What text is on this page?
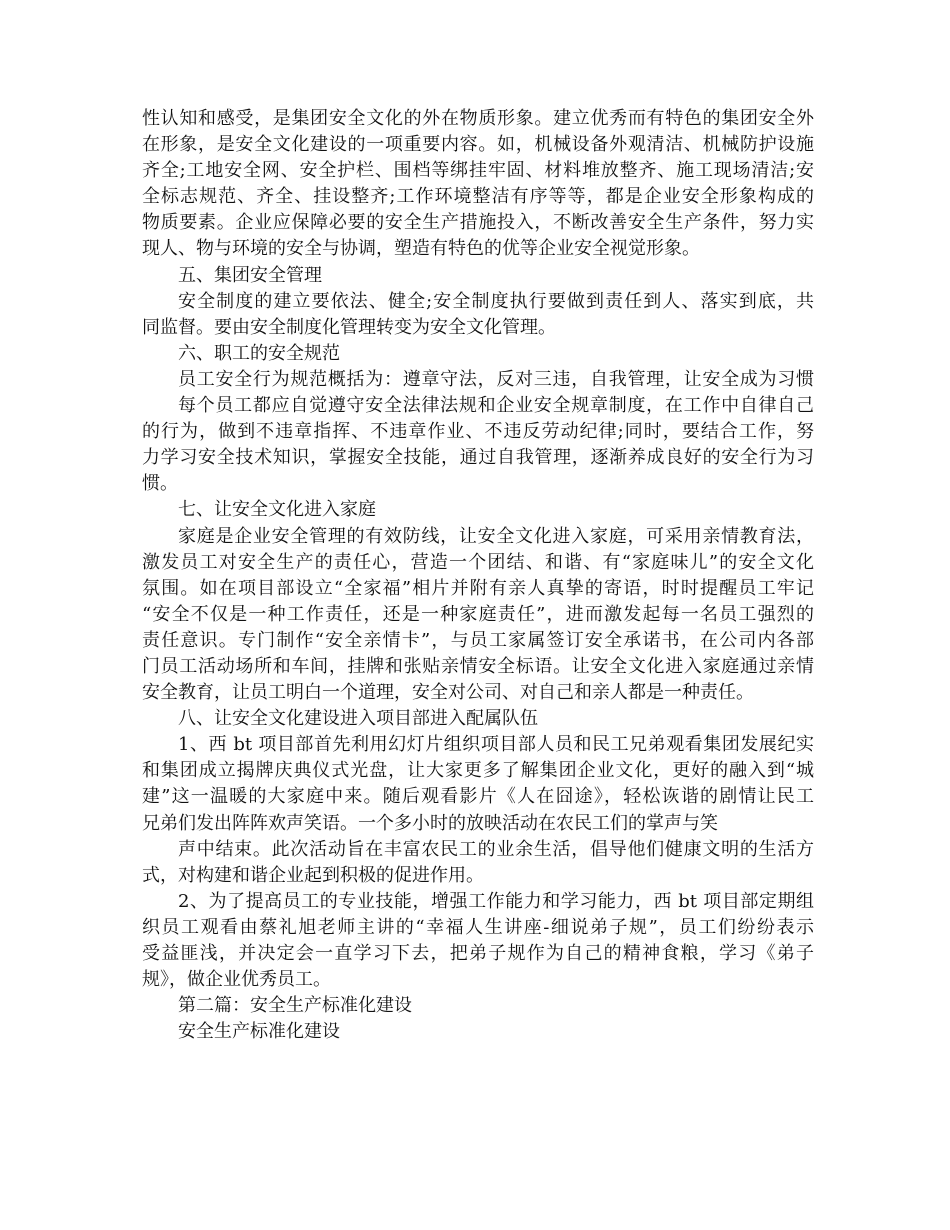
性认知和感受，是集团安全文化的外在物质形象。建立优秀而有特色的集团安全外
在形象，是安全文化建设的一项重要内容。如，机械设备外观清洁、机械防护设施
齐全;工地安全网、安全护栏、围档等绑挂牢固、材料堆放整齐、施工现场清洁;安
全标志规范、齐全、挂设整齐;工作环境整洁有序等等，都是企业安全形象构成的
物质要素。企业应保障必要的安全生产措施投入，不断改善安全生产条件，努力实
现人、物与环境的安全与协调，塑造有特色的优等企业安全视觉形象。
五、集团安全管理
安全制度的建立要依法、健全;安全制度执行要做到责任到人、落实到底，共
同监督。要由安全制度化管理转变为安全文化管理。
六、职工的安全规范
员工安全行为规范概括为：遵章守法，反对三违，自我管理，让安全成为习惯
每个员工都应自觉遵守安全法律法规和企业安全规章制度，在工作中自律自己
的行为，做到不违章指挥、不违章作业、不违反劳动纪律;同时，要结合工作，努
力学习安全技术知识，掌握安全技能，通过自我管理，逐渐养成良好的安全行为习
惯。
七、让安全文化进入家庭
家庭是企业安全管理的有效防线，让安全文化进入家庭，可采用亲情教育法，
激发员工对安全生产的责任心，营造一个团结、和谐、有“家庭味儿”的安全文化
氛围。如在项目部设立“全家福”相片并附有亲人真挚的寄语，时时提醒员工牢记
“安全不仅是一种工作责任，还是一种家庭责任”，进而激发起每一名员工强烈的
责任意识。专门制作“安全亲情卡”，与员工家属签订安全承诺书，在公司内各部
门员工活动场所和车间，挂牌和张贴亲情安全标语。让安全文化进入家庭通过亲情
安全教育，让员工明白一个道理，安全对公司、对自己和亲人都是一种责任。
八、让安全文化建设进入项目部进入配属队伍
1、西 bt 项目部首先利用幻灯片组织项目部人员和民工兄弟观看集团发展纪实
和集团成立揭牌庆典仪式光盘，让大家更多了解集团企业文化，更好的融入到“城
建”这一温暖的大家庭中来。随后观看影片《人在囧途》，轻松诙谐的剧情让民工
兄弟们发出阵阵欢声笑语。一个多小时的放映活动在农民工们的掌声与笑
声中结束。此次活动旨在丰富农民工的业余生活，倡导他们健康文明的生活方
式，对构建和谐企业起到积极的促进作用。
2、为了提高员工的专业技能，增强工作能力和学习能力，西 bt 项目部定期组
织员工观看由蔡礼旭老师主讲的“幸福人生讲座-细说弟子规”，员工们纷纷表示
受益匪浅，并决定会一直学习下去，把弟子规作为自己的精神食粮，学习《弟子
规》，做企业优秀员工。
第二篇：安全生产标准化建设
安全生产标准化建设
